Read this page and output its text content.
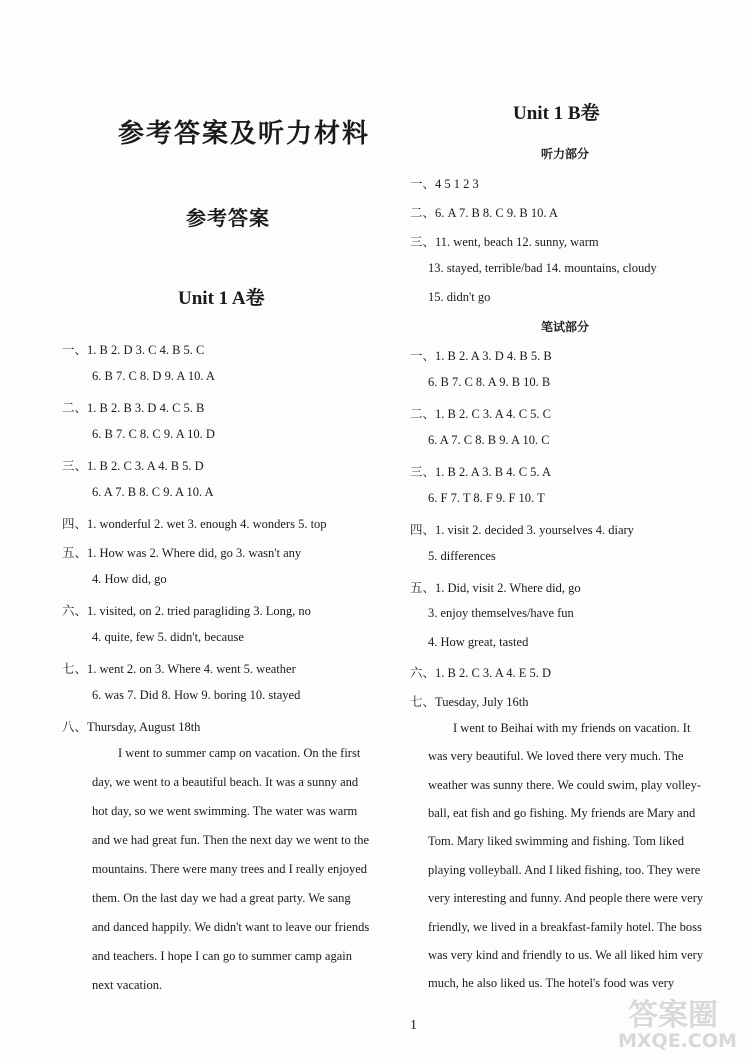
参考答案及听力材料
参考答案
Unit 1 A卷
一、1. B 2. D 3. C 4. B 5. C
6. B 7. C 8. D 9. A 10. A
二、1. B 2. B 3. D 4. C 5. B
6. B 7. C 8. C 9. A 10. D
三、1. B 2. C 3. A 4. B 5. D
6. A 7. B 8. C 9. A 10. A
四、1. wonderful 2. wet 3. enough 4. wonders 5. top
五、1. How was 2. Where did, go 3. wasn't any
4. How did, go
六、1. visited, on 2. tried paragliding 3. Long, no
4. quite, few 5. didn't, because
七、1. went 2. on 3. Where 4. went 5. weather
6. was 7. Did 8. How 9. boring 10. stayed
八、Thursday, August 18th
I went to summer camp on vacation. On the first
day, we went to a beautiful beach. It was a sunny and
hot day, so we went swimming. The water was warm
and we had great fun. Then the next day we went to the
mountains. There were many trees and I really enjoyed
them. On the last day we had a great party. We sang
and danced happily. We didn't want to leave our friends
and teachers. I hope I can go to summer camp again
next vacation.
Unit 1 B卷
听力部分
一、4 5 1 2 3
二、6. A 7. B 8. C 9. B 10. A
三、11. went, beach 12. sunny, warm
13. stayed, terrible/bad 14. mountains, cloudy
15. didn't go
笔试部分
一、1. B 2. A 3. D 4. B 5. B
6. B 7. C 8. A 9. B 10. B
二、1. B 2. C 3. A 4. C 5. C
6. A 7. C 8. B 9. A 10. C
三、1. B 2. A 3. B 4. C 5. A
6. F 7. T 8. F 9. F 10. T
四、1. visit 2. decided 3. yourselves 4. diary
5. differences
五、1. Did, visit 2. Where did, go
3. enjoy themselves/have fun
4. How great, tasted
六、1. B 2. C 3. A 4. E 5. D
七、Tuesday, July 16th
I went to Beihai with my friends on vacation. It
was very beautiful. We loved there very much. The
weather was sunny there. We could swim, play volley-
ball, eat fish and go fishing. My friends are Mary and
Tom. Mary liked swimming and fishing. Tom liked
playing volleyball. And I liked fishing, too. They were
very interesting and funny. And people there were very
friendly, we lived in a breakfast-family hotel. The boss
was very kind and friendly to us. We all liked him very
much, he also liked us. The hotel's food was very
1	答案圈
MXQE.COM
